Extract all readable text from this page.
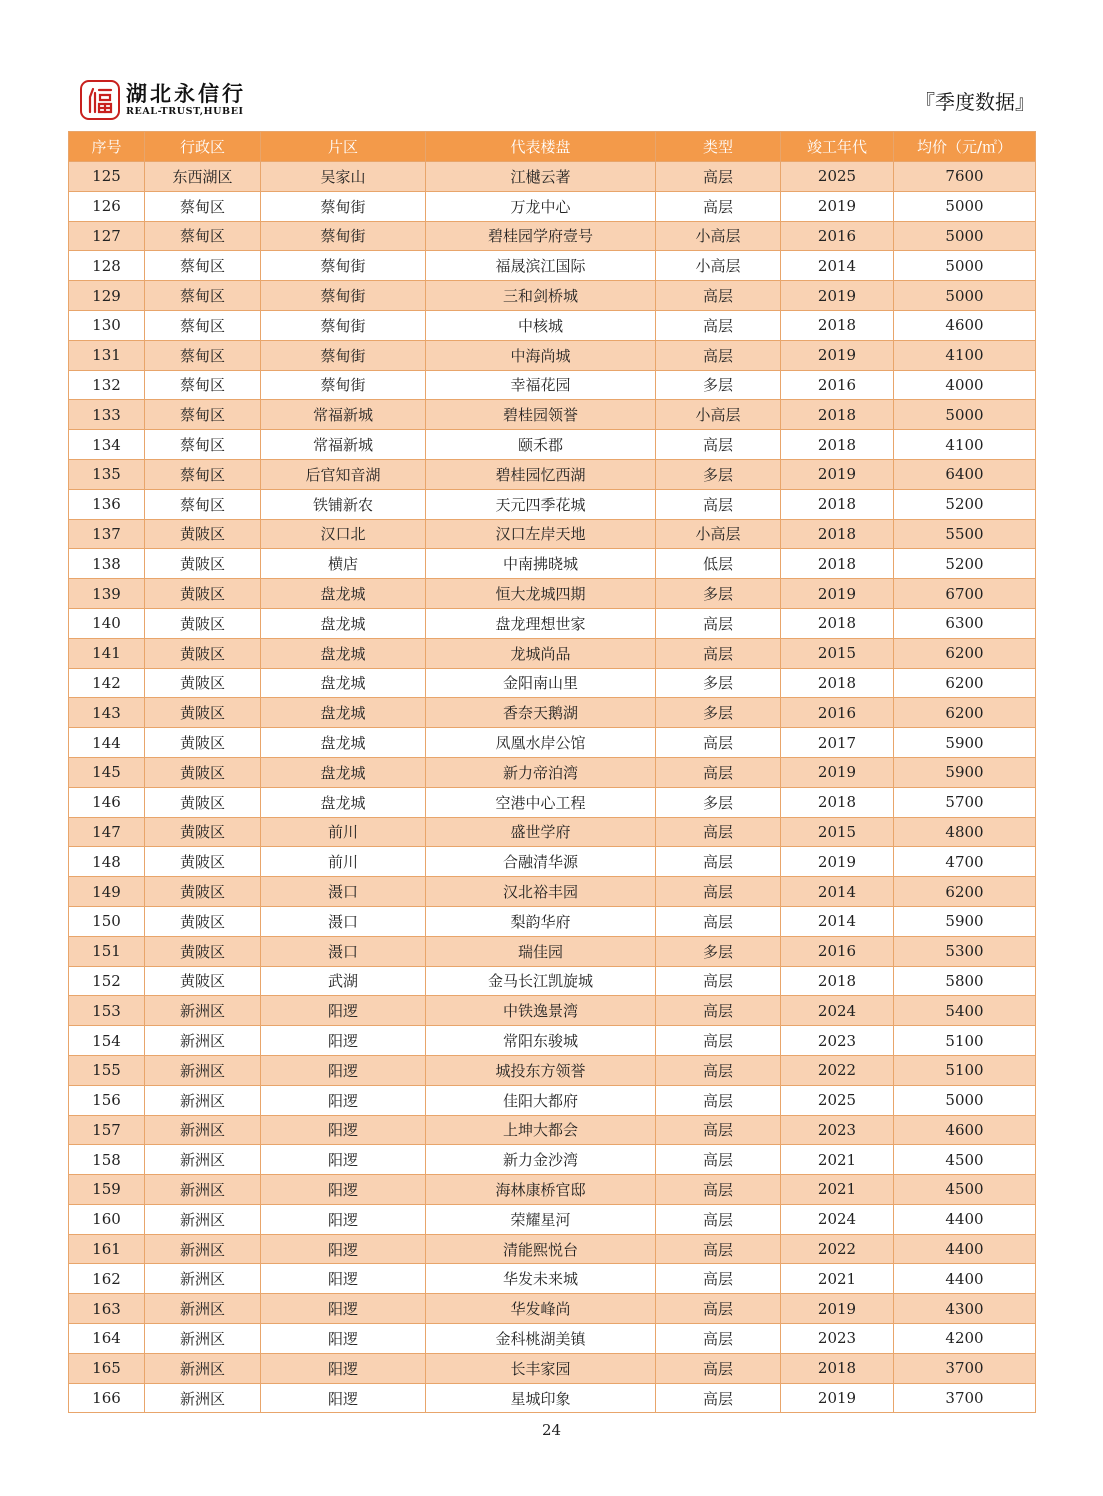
湖北永信行
REAL-TRUST,HUBEI	『季度数据』
序号	行政区	片区	代表楼盘	类型	竣工年代	均价（元/㎡）
125	东西湖区	吴家山	江樾云著	高层	2025	7600
126	蔡甸区	蔡甸街	万龙中心	高层	2019	5000
127	蔡甸区	蔡甸街	碧桂园学府壹号	小高层	2016	5000
128	蔡甸区	蔡甸街	福晟滨江国际	小高层	2014	5000
129	蔡甸区	蔡甸街	三和剑桥城	高层	2019	5000
130	蔡甸区	蔡甸街	中核城	高层	2018	4600
131	蔡甸区	蔡甸街	中海尚城	高层	2019	4100
132	蔡甸区	蔡甸街	幸福花园	多层	2016	4000
133	蔡甸区	常福新城	碧桂园领誉	小高层	2018	5000
134	蔡甸区	常福新城	颐禾郡	高层	2018	4100
135	蔡甸区	后官知音湖	碧桂园忆西湖	多层	2019	6400
136	蔡甸区	铁铺新农	天元四季花城	高层	2018	5200
137	黄陂区	汉口北	汉口左岸天地	小高层	2018	5500
138	黄陂区	横店	中南拂晓城	低层	2018	5200
139	黄陂区	盘龙城	恒大龙城四期	多层	2019	6700
140	黄陂区	盘龙城	盘龙理想世家	高层	2018	6300
141	黄陂区	盘龙城	龙城尚品	高层	2015	6200
142	黄陂区	盘龙城	金阳南山里	多层	2018	6200
143	黄陂区	盘龙城	香奈天鹅湖	多层	2016	6200
144	黄陂区	盘龙城	凤凰水岸公馆	高层	2017	5900
145	黄陂区	盘龙城	新力帝泊湾	高层	2019	5900
146	黄陂区	盘龙城	空港中心工程	多层	2018	5700
147	黄陂区	前川	盛世学府	高层	2015	4800
148	黄陂区	前川	合融清华源	高层	2019	4700
149	黄陂区	滠口	汉北裕丰园	高层	2014	6200
150	黄陂区	滠口	梨韵华府	高层	2014	5900
151	黄陂区	滠口	瑞佳园	多层	2016	5300
152	黄陂区	武湖	金马长江凯旋城	高层	2018	5800
153	新洲区	阳逻	中铁逸景湾	高层	2024	5400
154	新洲区	阳逻	常阳东骏城	高层	2023	5100
155	新洲区	阳逻	城投东方领誉	高层	2022	5100
156	新洲区	阳逻	佳阳大都府	高层	2025	5000
157	新洲区	阳逻	上坤大都会	高层	2023	4600
158	新洲区	阳逻	新力金沙湾	高层	2021	4500
159	新洲区	阳逻	海林康桥官邸	高层	2021	4500
160	新洲区	阳逻	荣耀星河	高层	2024	4400
161	新洲区	阳逻	清能熙悦台	高层	2022	4400
162	新洲区	阳逻	华发未来城	高层	2021	4400
163	新洲区	阳逻	华发峰尚	高层	2019	4300
164	新洲区	阳逻	金科桃湖美镇	高层	2023	4200
165	新洲区	阳逻	长丰家园	高层	2018	3700
166	新洲区	阳逻	星城印象	高层	2019	3700
24
